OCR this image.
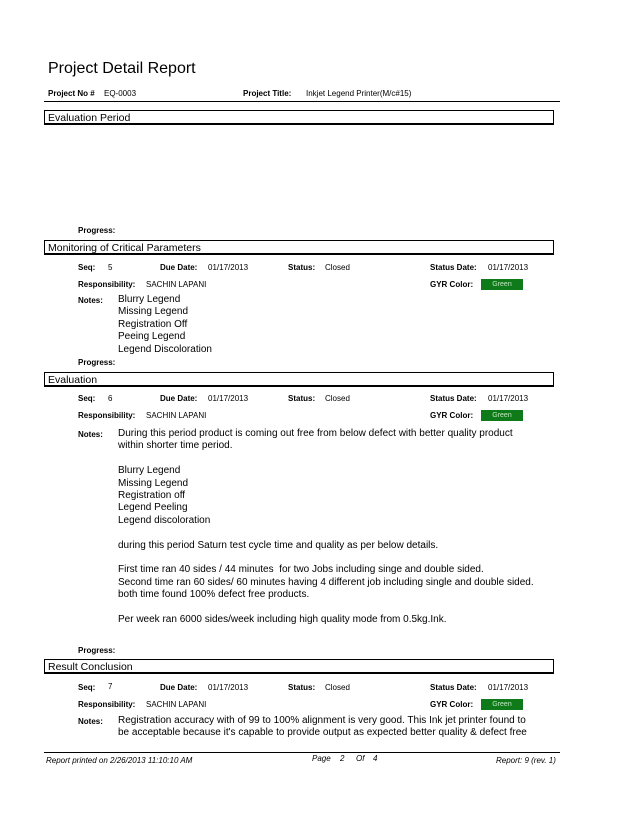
Project Detail Report
Project No # EQ-0003	Project Title: Inkjet Legend Printer(M/c#15)
Evaluation Period
Progress:
Monitoring of Critical Parameters
Seq: 5	Due Date: 01/17/2013	Status: Closed	Status Date: 01/17/2013
Responsibility: SACHIN LAPANI	GYR Color:	Green
Notes: Blurry Legend
Missing Legend
Registration Off
Peeing Legend
Legend Discoloration
Progress:
Evaluation
Seq: 6	Due Date: 01/17/2013	Status: Closed	Status Date: 01/17/2013
Responsibility: SACHIN LAPANI	GYR Color:	Green
Notes: During this period product is coming out free from below defect with better quality product
within shorter time period.
Blurry Legend
Missing Legend
Registration off
Legend Peeling
Legend discoloration
during this period Saturn test cycle time and quality as per below details.
First time ran 40 sides / 44 minutes  for two Jobs including singe and double sided.
Second time ran 60 sides/ 60 minutes having 4 different job including single and double sided.
both time found 100% defect free products.
Per week ran 6000 sides/week including high quality mode from 0.5kg.Ink.
Progress:
Result Conclusion
Seq: 7	Due Date: 01/17/2013	Status: Closed	Status Date: 01/17/2013
Responsibility: SACHIN LAPANI	GYR Color:	Green
Notes: Registration accuracy with of 99 to 100% alignment is very good. This Ink jet printer found to
be acceptable because it's capable to provide output as expected better quality & defect free
Report printed on 2/26/2013 11:10:10 AM	Page 2 Of 4	Report: 9 (rev. 1)
